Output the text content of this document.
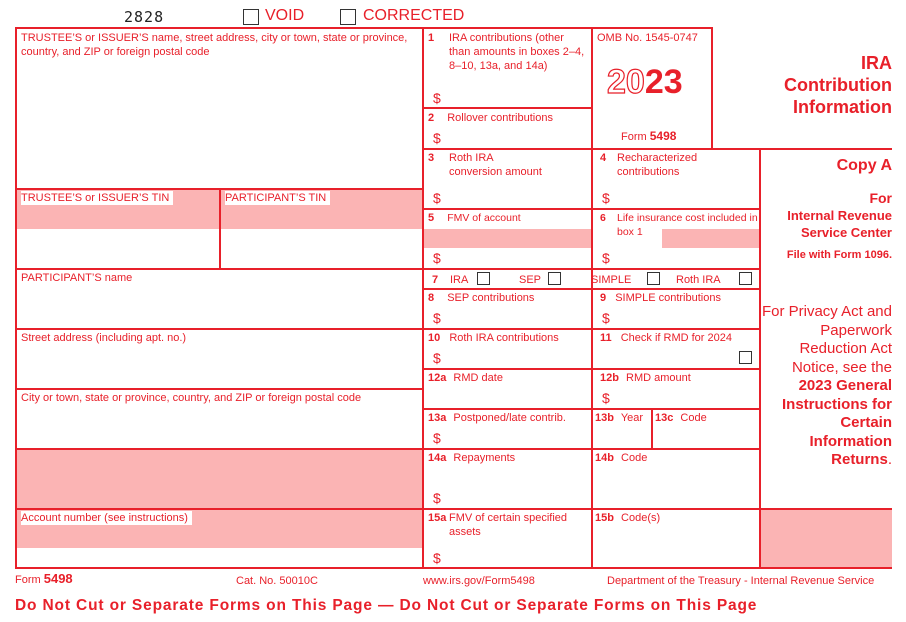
2828	VOID	CORRECTED
TRUSTEE’S or ISSUER’S name, street address, city or town, state or province, country, and ZIP or foreign postal code
TRUSTEE’S or ISSUER’S TIN	PARTICIPANT’S TIN
PARTICIPANT’S name
Street address (including apt. no.)
City or town, state or province, country, and ZIP or foreign postal code
Account number (see instructions)
1	IRA contributions (other than amounts in boxes 2–4, 8–10, 13a, and 14a)
$
2 Rollover contributions
$
OMB No. 1545-0747
2023
Form 5498
IRA Contribution Information
3	Roth IRA conversion amount
$
4 Recharacterized contributions
$
Copy A
For
Internal Revenue Service Center
File with Form 1096.
5 FMV of account
$
6	Life insurance cost included in box 1
$
7 IRA	SEP	SIMPLE	Roth IRA
8 SEP contributions
$
9 SIMPLE contributions
$	For Privacy Act and Paperwork Reduction Act Notice, see the 2023 General Instructions for Certain Information Returns.
10 Roth IRA contributions
$
11 Check if RMD for 2024
12a RMD date	12b RMD amount
$
13a Postponed/late contrib.
$
13b Year 13c Code
14a Repayments
$
14b Code
15a FMV of certain specified assets
$
15b Code(s)
Form 5498	Cat. No. 50010C	www.irs.gov/Form5498	Department of the Treasury - Internal Revenue Service
Do Not Cut or Separate Forms on This Page — Do Not Cut or Separate Forms on This Page
